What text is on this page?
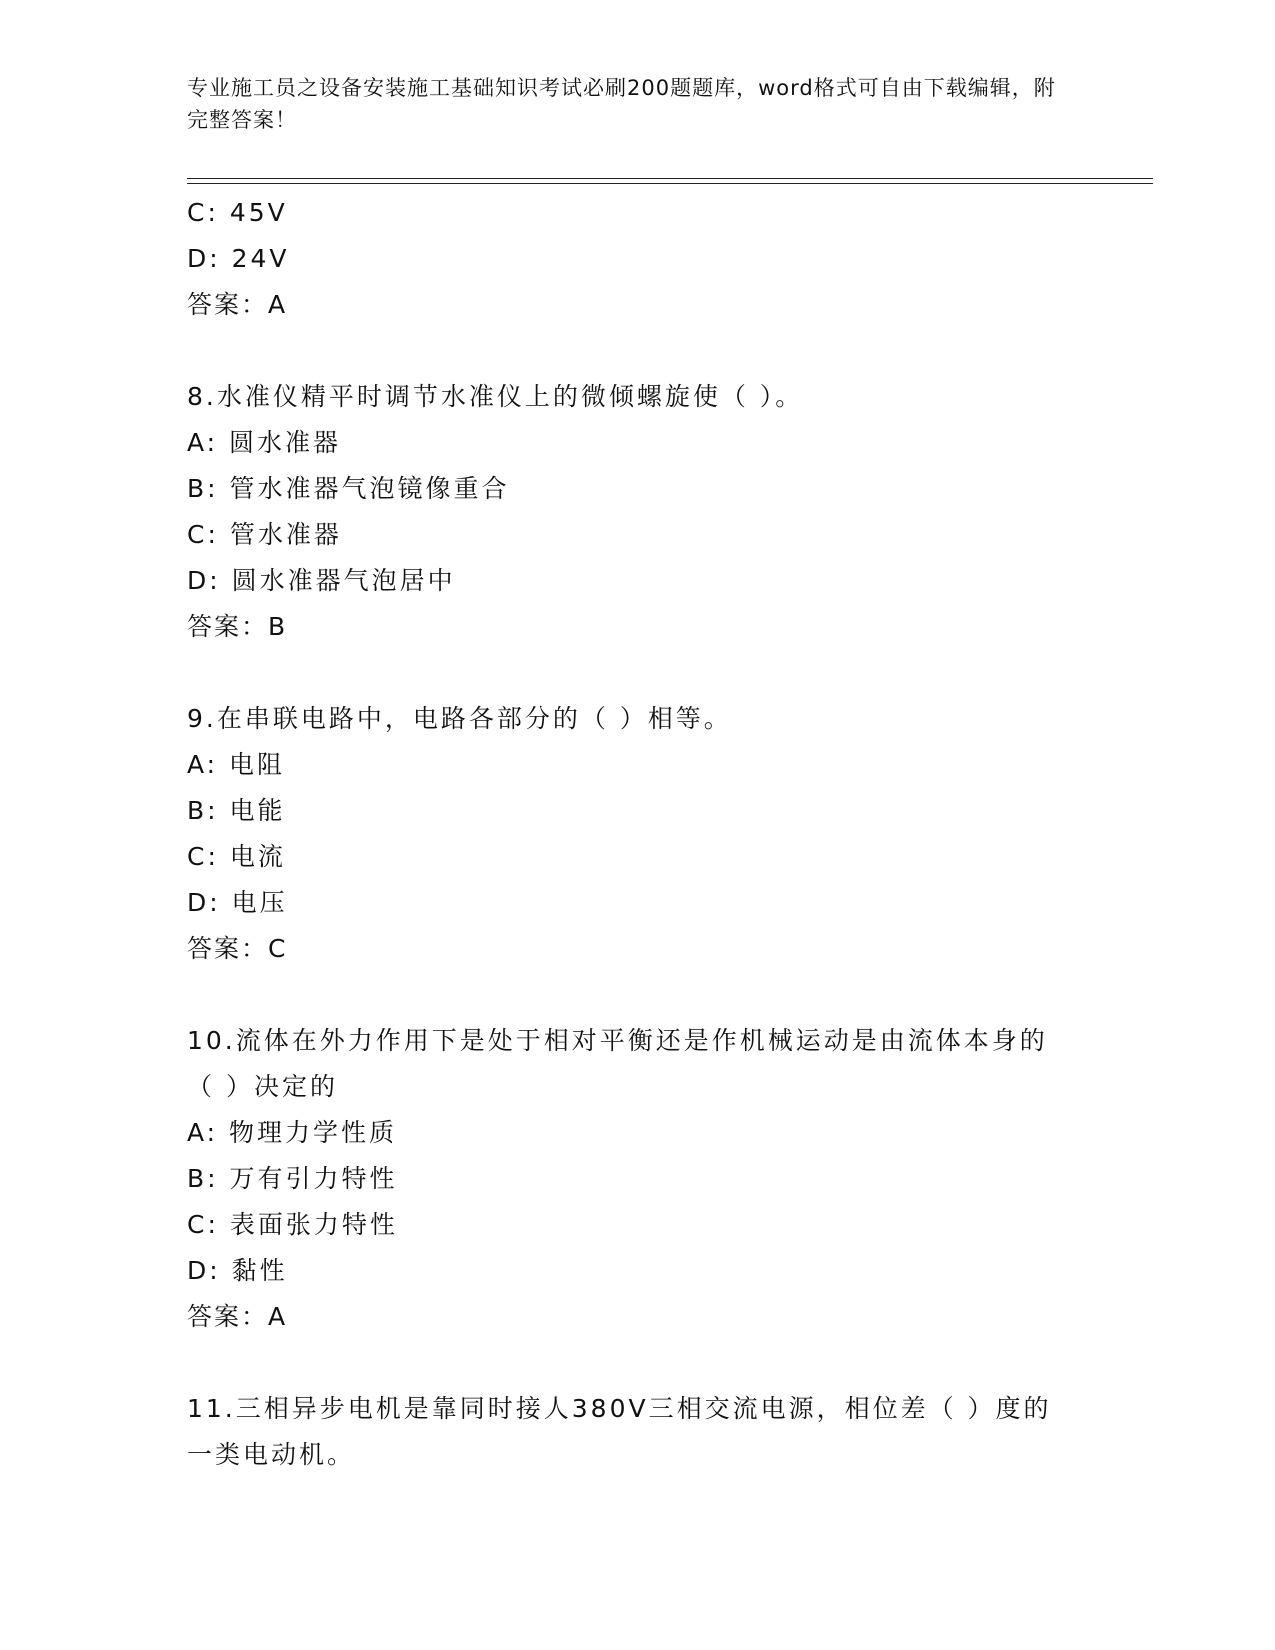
专业施工员之设备安装施工基础知识考试必刷200题题库，word格式可自由下载编辑，附完整答案！
C: 45V
D: 24V
答案：A
8.水准仪精平时调节水准仪上的微倾螺旋使（ ）。
A: 圆水准器
B: 管水准器气泡镜像重合
C: 管水准器
D: 圆水准器气泡居中
答案：B
9.在串联电路中，电路各部分的（ ）相等。
A: 电阻
B: 电能
C: 电流
D: 电压
答案：C
10.流体在外力作用下是处于相对平衡还是作机械运动是由流体本身的（ ）决定的
A: 物理力学性质
B: 万有引力特性
C: 表面张力特性
D: 黏性
答案：A
11.三相异步电机是靠同时接人380V三相交流电源，相位差（ ）度的一类电动机。
